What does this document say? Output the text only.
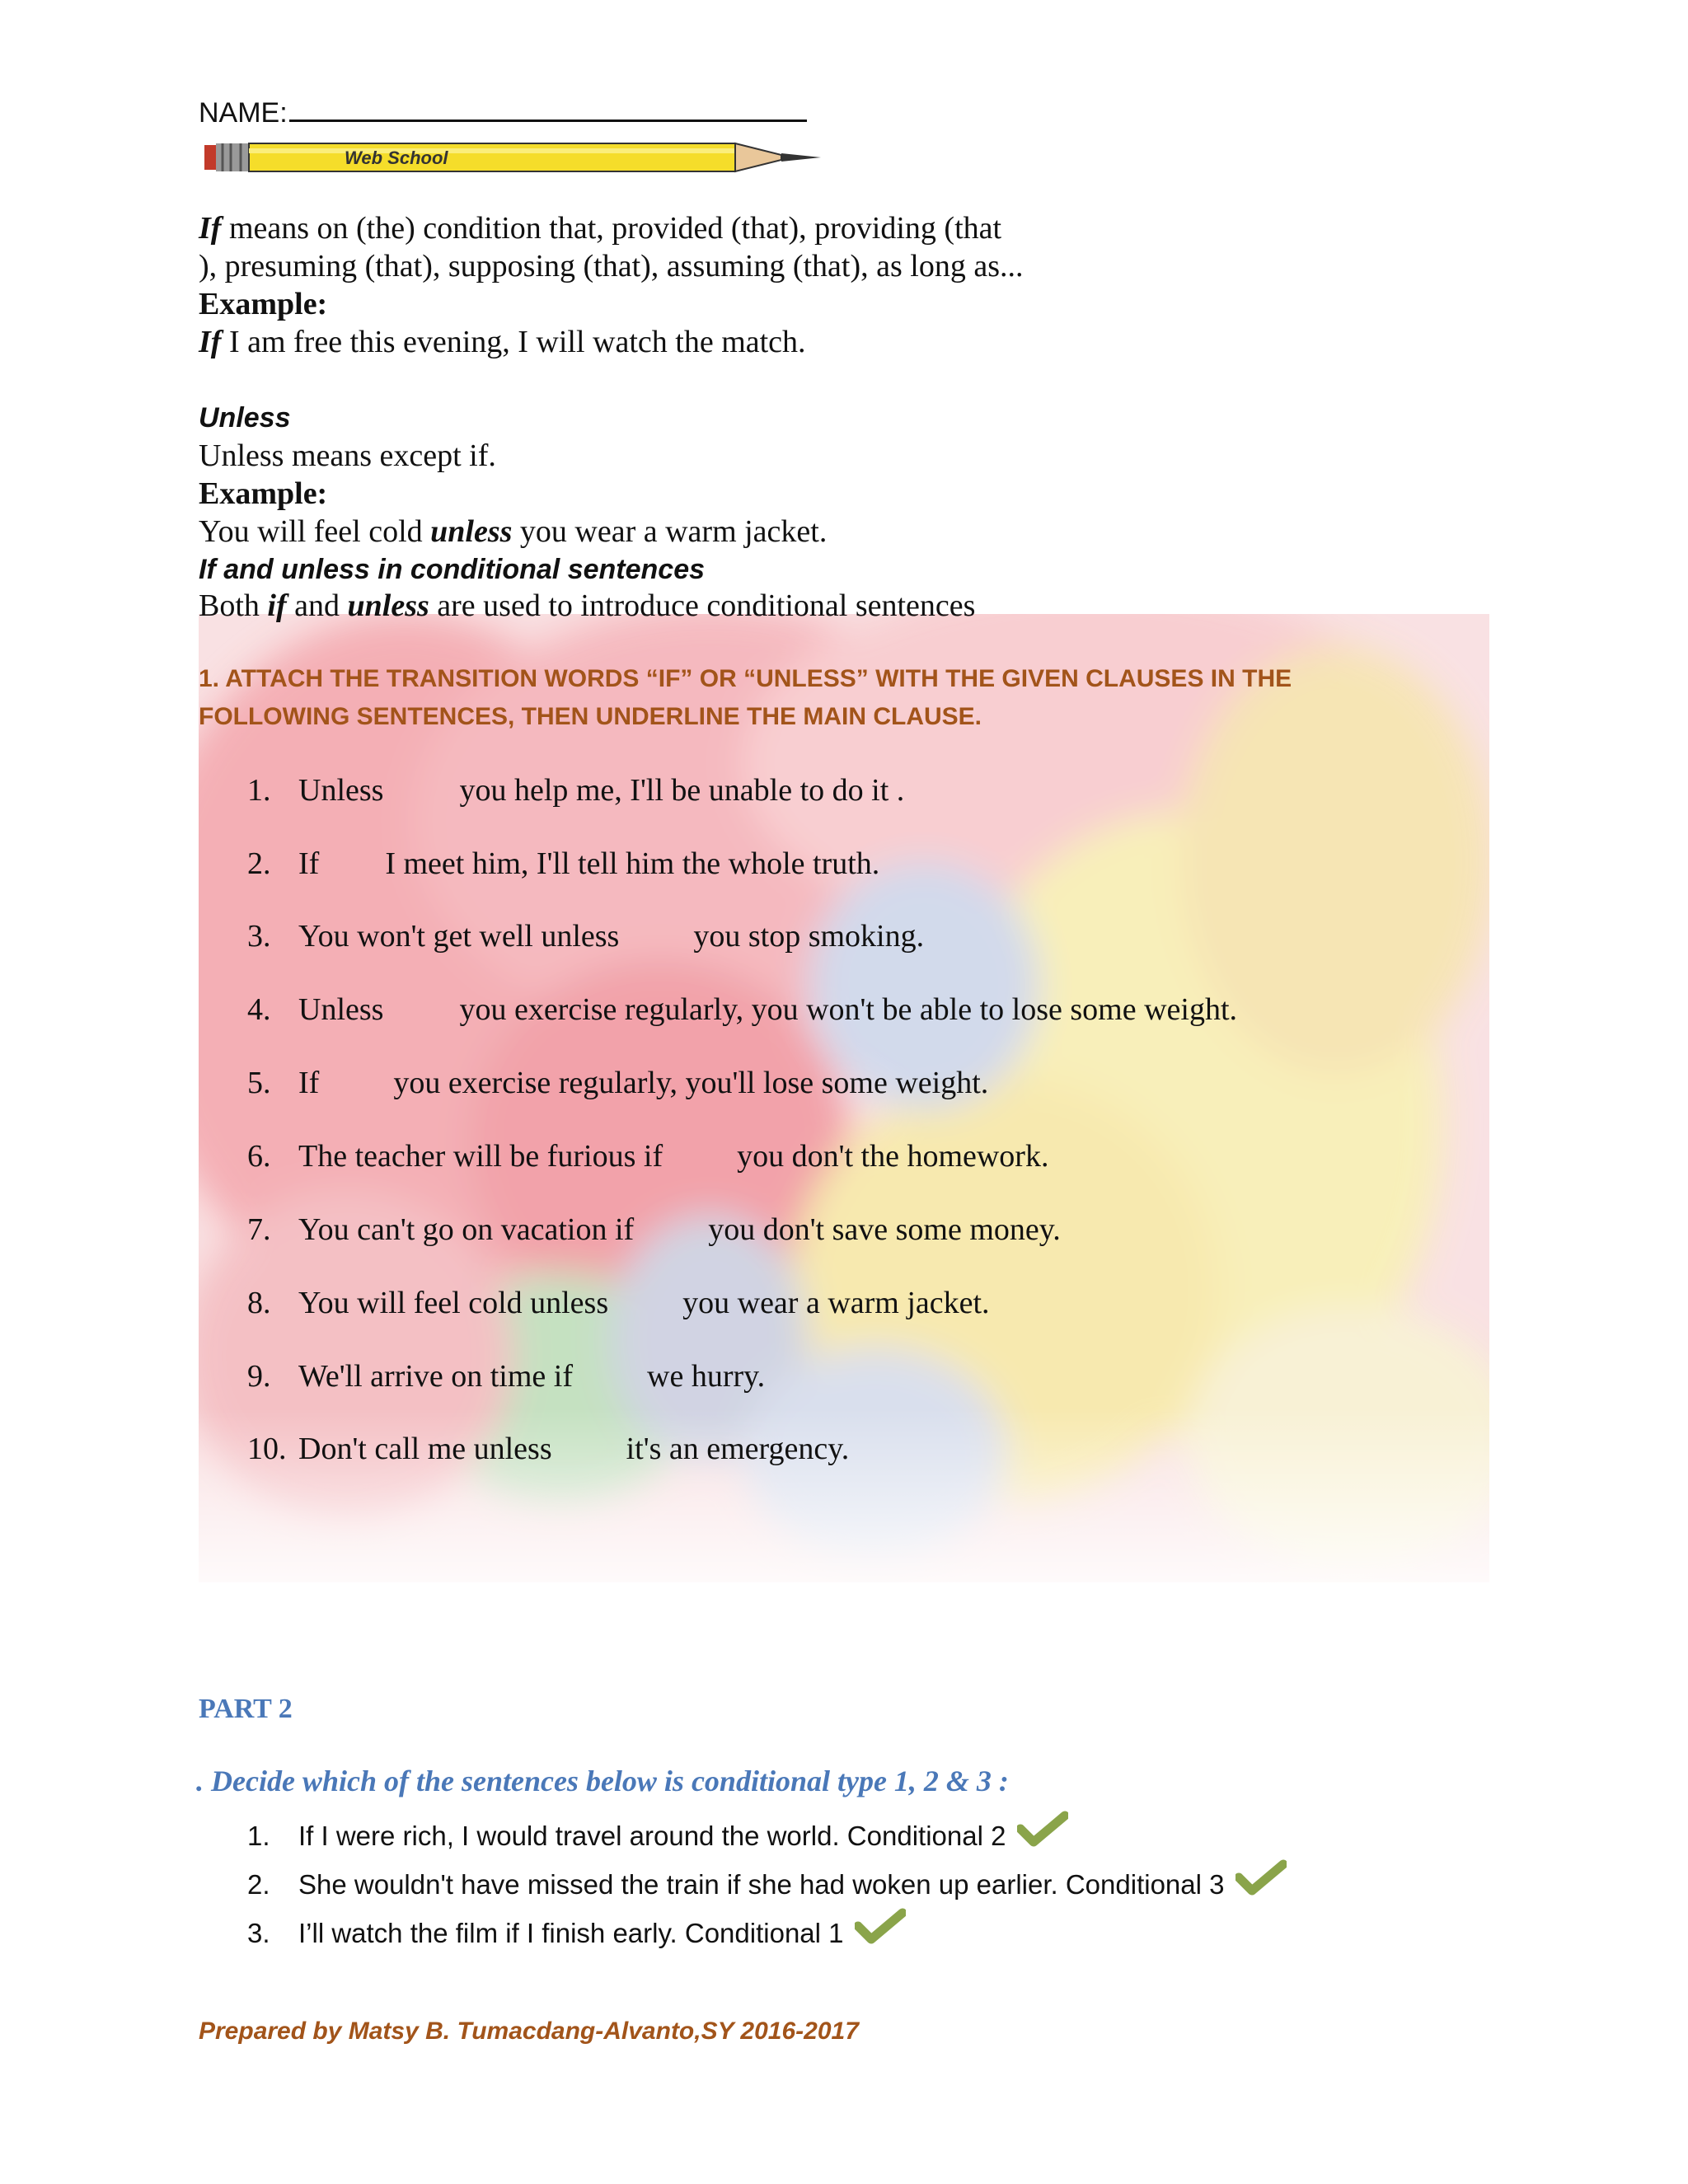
NAME:
Web School
If means on (the) condition that, provided (that), providing (that
), presuming (that), supposing (that), assuming (that), as long as...
Example:
If I am free this evening, I will watch the match.
Unless
Unless means except if.
Example:
You will feel cold unless you wear a warm jacket.
If and unless in conditional sentences
Both if and unless are used to introduce conditional sentences
1. ATTACH THE TRANSITION WORDS “IF” OR “UNLESS” WITH THE GIVEN CLAUSES IN THE
FOLLOWING SENTENCES, THEN UNDERLINE THE MAIN CLAUSE.
1. Unless you help me, I'll be unable to do it .
2. If I meet him, I'll tell him the whole truth.
3. You won't get well unless you stop smoking.
4. Unless you exercise regularly, you won't be able to lose some weight.
5. If you exercise regularly, you'll lose some weight.
6. The teacher will be furious if you don't the homework.
7. You can't go on vacation if you don't save some money.
8. You will feel cold unless you wear a warm jacket.
9. We'll arrive on time if we hurry.
10. Don't call me unless it's an emergency.
PART 2
. Decide which of the sentences below is conditional type 1, 2 & 3 :
1. If I were rich, I would travel around the world. Conditional 2
2. She wouldn't have missed the train if she had woken up earlier. Conditional 3
3. I’ll watch the film if I finish early. Conditional 1
Prepared by Matsy B. Tumacdang-Alvanto,SY 2016-2017
